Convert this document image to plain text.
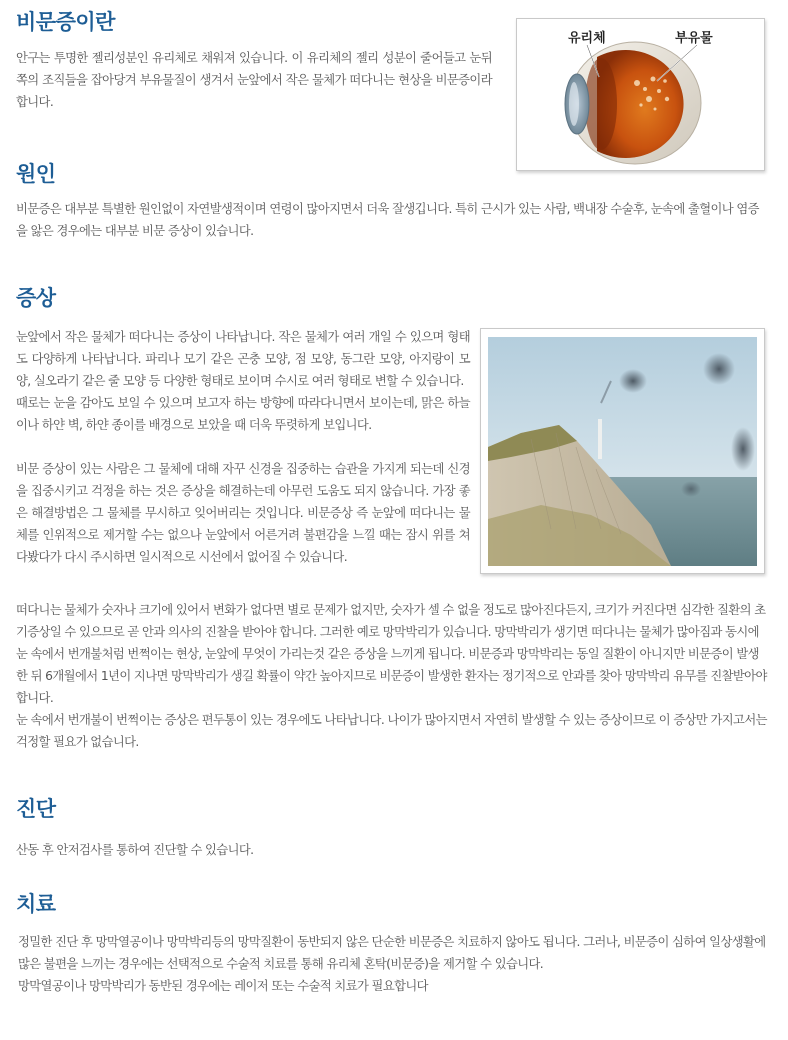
비문증이란

안구는 투명한 젤리성분인 유리체로 채워져 있습니다. 이 유리체의 젤리 성분이 줄어들고 눈뒤쪽의 조직들을 잡아당겨 부유물질이 생겨서 눈앞에서 작은 물체가 떠다니는 현상을 비문증이라 합니다.

유리체	부유물
원인

비문증은 대부분 특별한 원인없이 자연발생적이며 연령이 많아지면서 더욱 잘생깁니다. 특히 근시가 있는 사람, 백내장 수술후, 눈속에 출혈이나 염증을 앓은 경우에는 대부분 비문 증상이 있습니다.

증상

눈앞에서 작은 물체가 떠다니는 증상이 나타납니다. 작은 물체가 여러 개일 수 있으며 형태도 다양하게 나타납니다. 파리나 모기 같은 곤충 모양, 점 모양, 동그란 모양, 아지랑이 모양, 실오라기 같은 줄 모양 등 다양한 형태로 보이며 수시로 여러 형태로 변할 수 있습니다.

때로는 눈을 감아도 보일 수 있으며 보고자 하는 방향에 따라다니면서 보이는데, 맑은 하늘이나 하얀 벽, 하얀 종이를 배경으로 보았을 때 더욱 뚜렷하게 보입니다.

비문 증상이 있는 사람은 그 물체에 대해 자꾸 신경을 집중하는 습관을 가지게 되는데 신경을 집중시키고 걱정을 하는 것은 증상을 해결하는데 아무런 도움도 되지 않습니다. 가장 좋은 해결방법은 그 물체를 무시하고 잊어버리는 것입니다. 비문증상 즉 눈앞에 떠다니는 물체를 인위적으로 제거할 수는 없으나 눈앞에서 어른거려 불편감을 느낄 때는 잠시 위를 쳐다봤다가 다시 주시하면 일시적으로 시선에서 없어질 수 있습니다.

떠다니는 물체가 숫자나 크기에 있어서 변화가 없다면 별로 문제가 없지만, 숫자가 셀 수 없을 정도로 많아진다든지, 크기가 커진다면 심각한 질환의 초기증상일 수 있으므로 곧 안과 의사의 진찰을 받아야 합니다. 그러한 예로 망막박리가 있습니다. 망막박리가 생기면 떠다니는 물체가 많아짐과 동시에 눈 속에서 번개불처럼 번쩍이는 현상, 눈앞에 무엇이 가리는것 같은 증상을 느끼게 됩니다. 비문증과 망막박리는 동일 질환이 아니지만 비문증이 발생한 뒤 6개월에서 1년이 지나면 망막박리가 생길 확률이 약간 높아지므로 비문증이 발생한 환자는 정기적으로 안과를 찾아 망막박리 유무를 진찰받아야 합니다.

눈 속에서 번개불이 번쩍이는 증상은 편두통이 있는 경우에도 나타납니다. 나이가 많아지면서 자연히 발생할 수 있는 증상이므로 이 증상만 가지고서는 걱정할 필요가 없습니다.

진단

산동 후 안저검사를 통하여 진단할 수 있습니다.

치료

정밀한 진단 후 망막열공이나 망막박리등의 망막질환이 동반되지 않은 단순한 비문증은 치료하지 않아도 됩니다. 그러나, 비문증이 심하여 일상생활에 많은 불편을 느끼는 경우에는 선택적으로 수술적 치료를 통해 유리체 혼탁(비문증)을 제거할 수 있습니다.

망막열공이나 망막박리가 동반된 경우에는 레이저 또는 수술적 치료가 필요합니다
